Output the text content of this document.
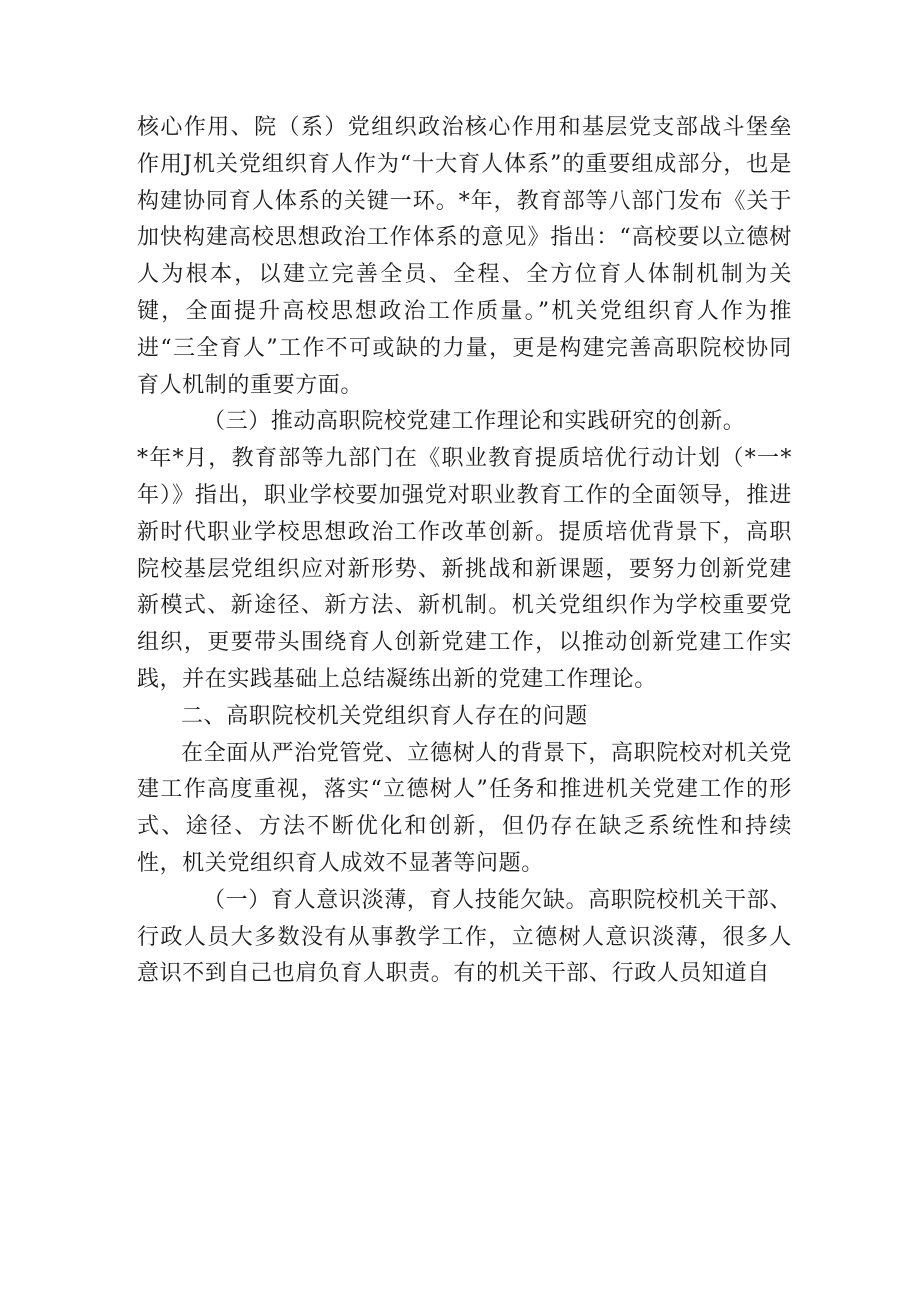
核心作用、院（系）党组织政治核心作用和基层党支部战斗堡垒作用J机关党组织育人作为“十大育人体系”的重要组成部分，也是构建协同育人体系的关键一环。*年，教育部等八部门发布《关于加快构建高校思想政治工作体系的意见》指出：“高校要以立德树人为根本，以建立完善全员、全程、全方位育人体制机制为关键，全面提升高校思想政治工作质量。”机关党组织育人作为推进“三全育人”工作不可或缺的力量，更是构建完善高职院校协同育人机制的重要方面。

（三）推动高职院校党建工作理论和实践研究的创新。

*年*月，教育部等九部门在《职业教育提质培优行动计划（*一*年）》指出，职业学校要加强党对职业教育工作的全面领导，推进新时代职业学校思想政治工作改革创新。提质培优背景下，高职院校基层党组织应对新形势、新挑战和新课题，要努力创新党建新模式、新途径、新方法、新机制。机关党组织作为学校重要党组织，更要带头围绕育人创新党建工作，以推动创新党建工作实践，并在实践基础上总结凝练出新的党建工作理论。

二、高职院校机关党组织育人存在的问题

在全面从严治党管党、立德树人的背景下，高职院校对机关党建工作高度重视，落实“立德树人”任务和推进机关党建工作的形式、途径、方法不断优化和创新，但仍存在缺乏系统性和持续性，机关党组织育人成效不显著等问题。

（一）育人意识淡薄，育人技能欠缺。高职院校机关干部、行政人员大多数没有从事教学工作，立德树人意识淡薄，很多人意识不到自己也肩负育人职责。有的机关干部、行政人员知道自
